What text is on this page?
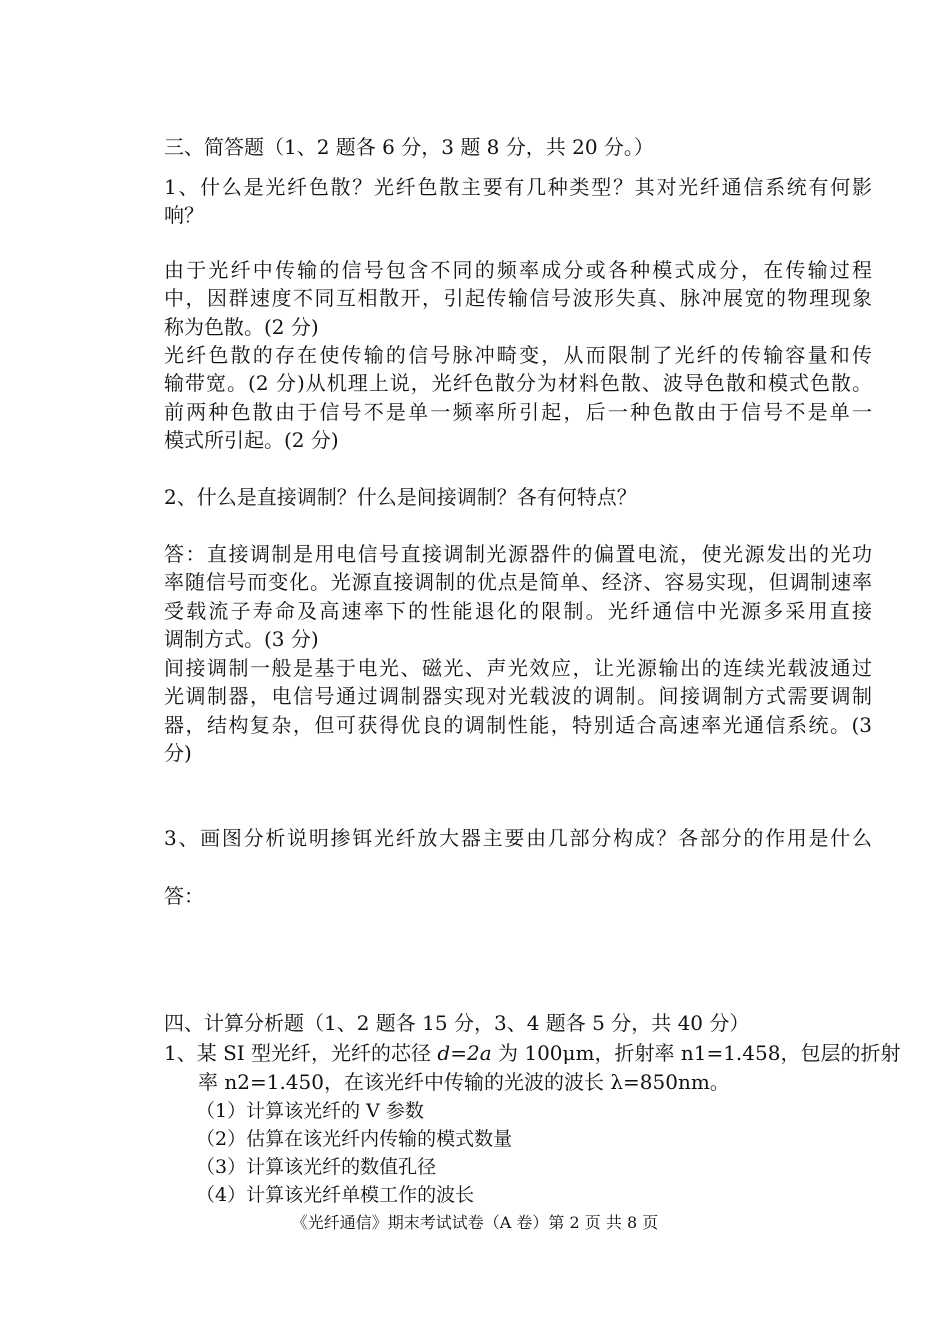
三、简答题（1、2 题各 6 分，3 题 8 分，共 20 分。）
1、什么是光纤色散？光纤色散主要有几种类型？其对光纤通信系统有何影
响？
由于光纤中传输的信号包含不同的频率成分或各种模式成分，在传输过程
中，因群速度不同互相散开，引起传输信号波形失真、脉冲展宽的物理现象
称为色散。(2 分)
光纤色散的存在使传输的信号脉冲畸变，从而限制了光纤的传输容量和传
输带宽。(2 分)从机理上说，光纤色散分为材料色散、波导色散和模式色散。
前两种色散由于信号不是单一频率所引起，后一种色散由于信号不是单一
模式所引起。(2 分)
2、什么是直接调制？什么是间接调制？各有何特点？
答：直接调制是用电信号直接调制光源器件的偏置电流，使光源发出的光功
率随信号而变化。光源直接调制的优点是简单、经济、容易实现，但调制速率
受载流子寿命及高速率下的性能退化的限制。光纤通信中光源多采用直接
调制方式。(3 分)
间接调制一般是基于电光、磁光、声光效应，让光源输出的连续光载波通过
光调制器，电信号通过调制器实现对光载波的调制。间接调制方式需要调制
器，结构复杂，但可获得优良的调制性能，特别适合高速率光通信系统。(3
分)
3、画图分析说明掺铒光纤放大器主要由几部分构成？各部分的作用是什么
答：
四、计算分析题（1、2 题各 15 分，3、4 题各 5 分，共 40 分）
1、某 SI 型光纤，光纤的芯径 d=2a 为 100μm，折射率 n1=1.458，包层的折射
率 n2=1.450，在该光纤中传输的光波的波长 λ=850nm。
（1）计算该光纤的 V 参数
（2）估算在该光纤内传输的模式数量
（3）计算该光纤的数值孔径
（4）计算该光纤单模工作的波长
《光纤通信》期末考试试卷（A 卷）第 2 页 共 8 页
